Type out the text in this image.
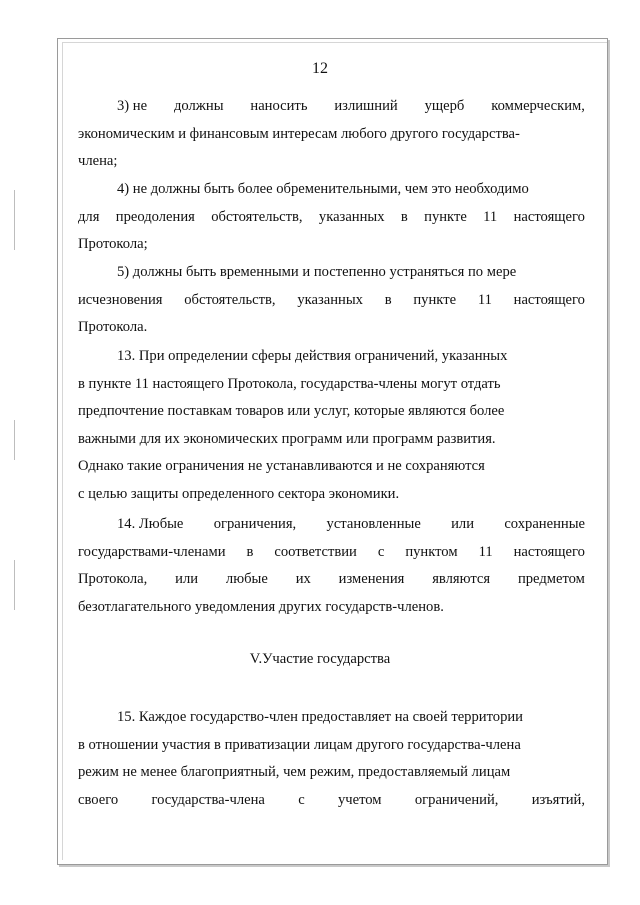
12
3) не должны наносить излишний ущерб коммерческим,
экономическим и финансовым интересам любого другого государства-
члена;
4) не должны быть более обременительными, чем это необходимо
для преодоления обстоятельств, указанных в пункте 11 настоящего
Протокола;
5) должны быть временными и постепенно устраняться по мере
исчезновения обстоятельств, указанных в пункте 11 настоящего
Протокола.
13. При определении сферы действия ограничений, указанных
в пункте 11 настоящего Протокола, государства-члены могут отдать
предпочтение поставкам товаров или услуг, которые являются более
важными для их экономических программ или программ развития.
Однако такие ограничения не устанавливаются и не сохраняются
с целью защиты определенного сектора экономики.
14. Любые ограничения, установленные или сохраненные
государствами-членами в соответствии с пунктом 11 настоящего
Протокола, или любые их изменения являются предметом
безотлагательного уведомления других государств-членов.
V.Участие государства
15. Каждое государство-член предоставляет на своей территории
в отношении участия в приватизации лицам другого государства-члена
режим не менее благоприятный, чем режим, предоставляемый лицам
своего государства-члена с учетом ограничений, изъятий,
